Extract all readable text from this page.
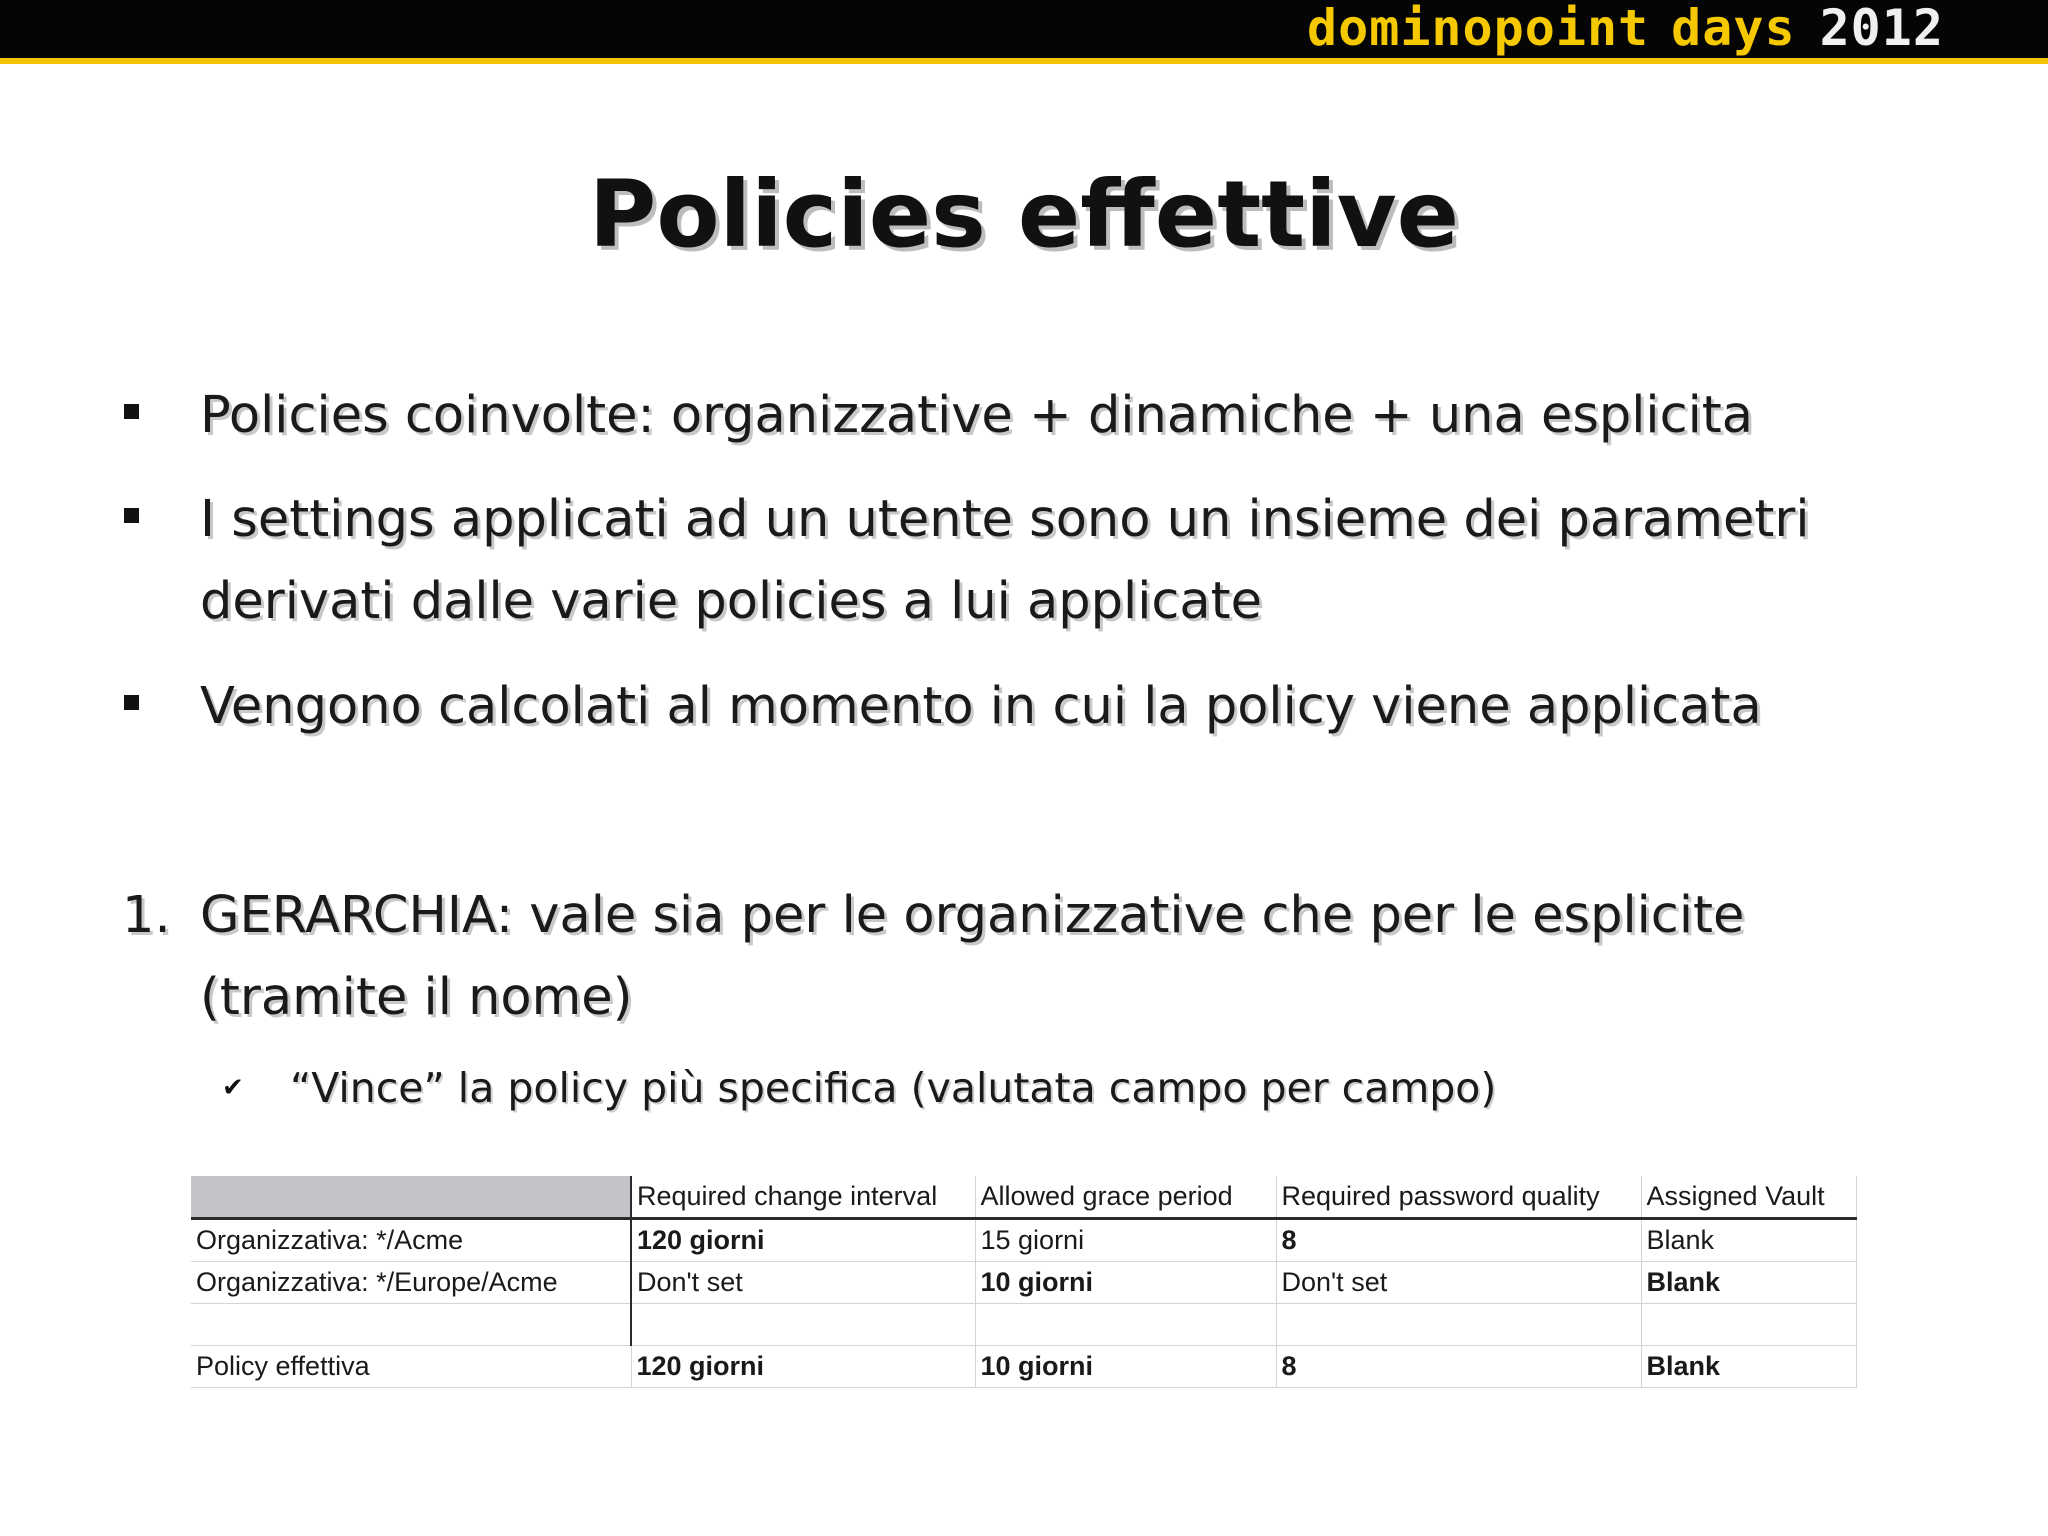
dominopoint days 2012
Policies effettive
Policies coinvolte: organizzative + dinamiche + una esplicita
I settings applicati ad un utente sono un insieme dei parametri derivati dalle varie policies a lui applicate
Vengono calcolati al momento in cui la policy viene applicata
1. GERARCHIA: vale sia per le organizzative che per le esplicite (tramite il nome)
✔ “Vince” la policy più specifica (valutata campo per campo)
	Required change interval	Allowed grace period	Required password quality	Assigned Vault
Organizzativa: */Acme	120 giorni	15 giorni	8	Blank
Organizzativa: */Europe/Acme	Don't set	10 giorni	Don't set	Blank

Policy effettiva	120 giorni	10 giorni	8	Blank
